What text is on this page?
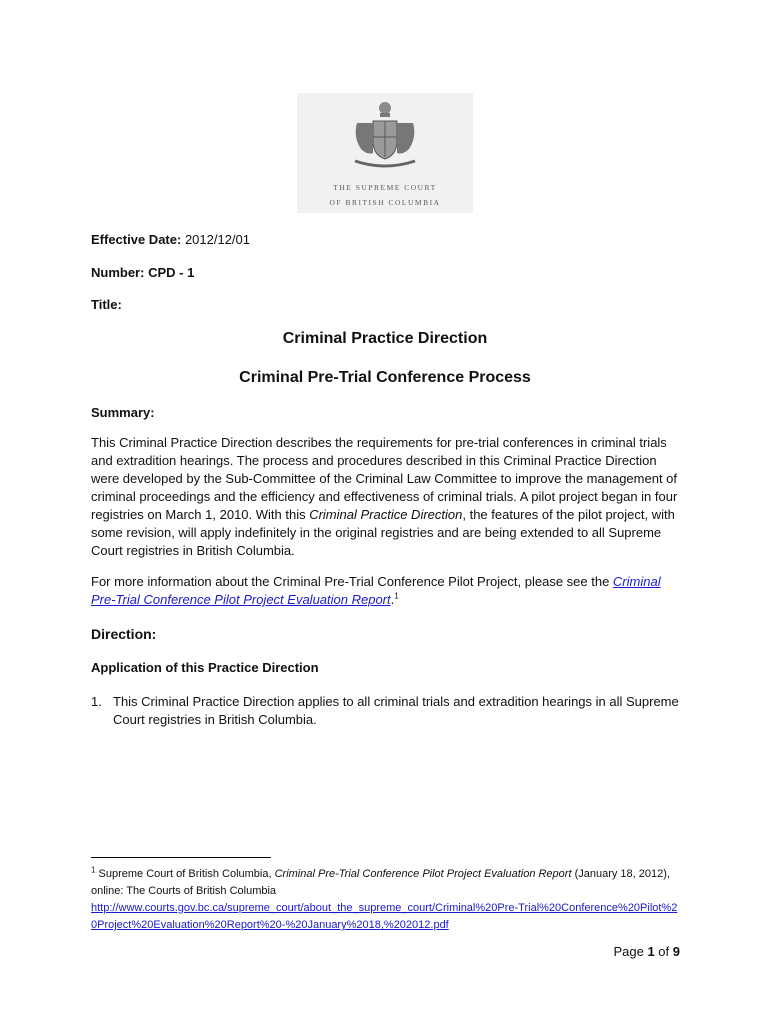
THE SUPREME COURT
OF BRITISH COLUMBIA
Effective Date: 2012/12/01
Number: CPD - 1
Title:
Criminal Practice Direction
Criminal Pre-Trial Conference Process
Summary:
This Criminal Practice Direction describes the requirements for pre-trial conferences in criminal trials and extradition hearings. The process and procedures described in this Criminal Practice Direction were developed by the Sub-Committee of the Criminal Law Committee to improve the management of criminal proceedings and the efficiency and effectiveness of criminal trials. A pilot project began in four registries on March 1, 2010. With this Criminal Practice Direction, the features of the pilot project, with some revision, will apply indefinitely in the original registries and are being extended to all Supreme Court registries in British Columbia.
For more information about the Criminal Pre-Trial Conference Pilot Project, please see the Criminal Pre-Trial Conference Pilot Project Evaluation Report.$^1$
Direction:
Application of this Practice Direction
1. This Criminal Practice Direction applies to all criminal trials and extradition hearings in all Supreme Court registries in British Columbia.
$^1$ Supreme Court of British Columbia, Criminal Pre-Trial Conference Pilot Project Evaluation Report (January 18, 2012), online: The Courts of British Columbia
http://www.courts.gov.bc.ca/supreme_court/about_the_supreme_court/Criminal%20Pre-Trial%20Conference%20Pilot%20Project%20Evaluation%20Report%20-%20January%2018,%202012.pdf
Page 1 of 9
